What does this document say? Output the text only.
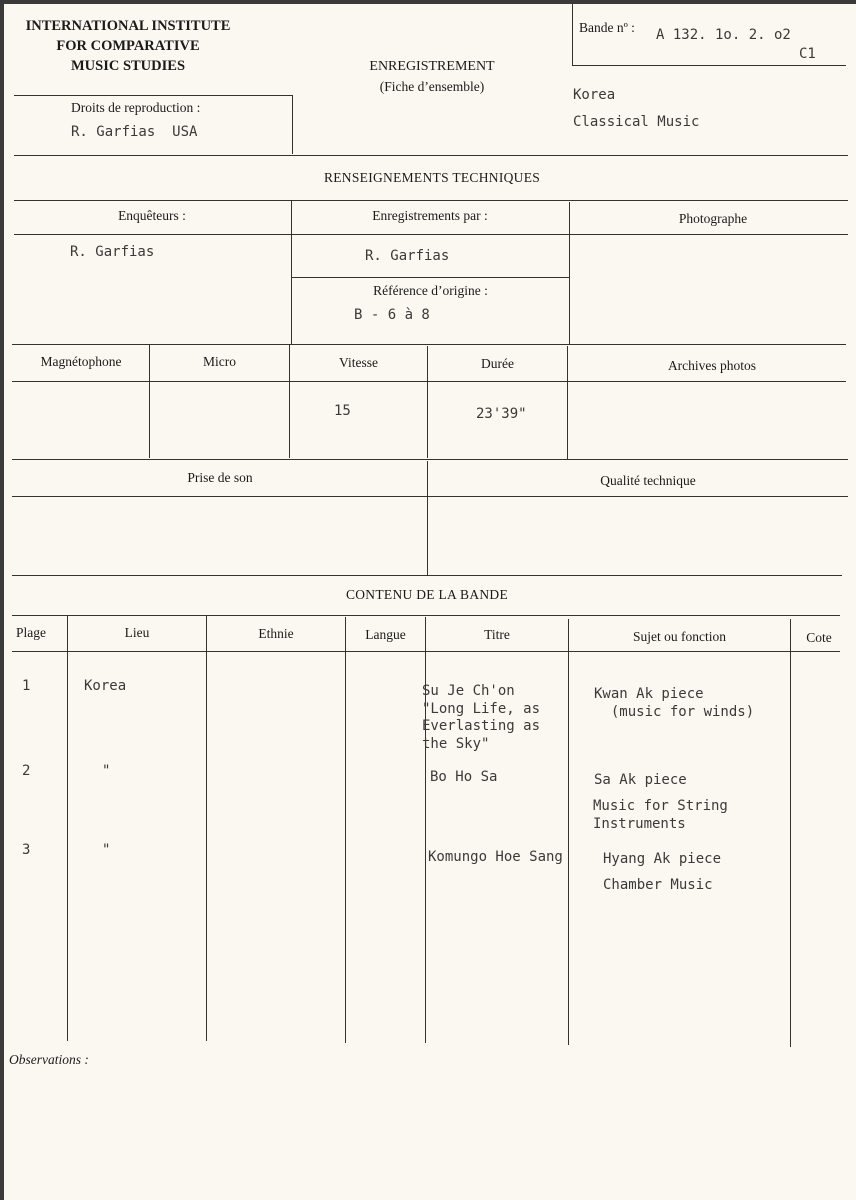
INTERNATIONAL INSTITUTE
FOR COMPARATIVE
MUSIC STUDIES	ENREGISTREMENT
(Fiche d’ensemble)
Bande nº : A 132. 1o. 2. o2
C1
Droits de reproduction :
R. Garfias  USA
Korea
Classical Music
RENSEIGNEMENTS TECHNIQUES
Enquêteurs :	Enregistrements par :	Photographe
R. Garfias	R. Garfias
Référence d’origine :
B - 6 à 8
Magnétophone	Micro	Vitesse	Durée	Archives photos
15	23'39"
Prise de son	Qualité technique
CONTENU DE LA BANDE
Plage	Lieu	Ethnie	Langue	Titre	Sujet ou fonction	Cote
1	Korea	Su Je Ch'on
"Long Life, as
Everlasting as
the Sky"
Kwan Ak piece
(music for winds)
2	"	Bo Ho Sa	Sa Ak piece
Music for String
Instruments
3	"	Komungo Hoe Sang	Hyang Ak piece
Chamber Music
Observations :
